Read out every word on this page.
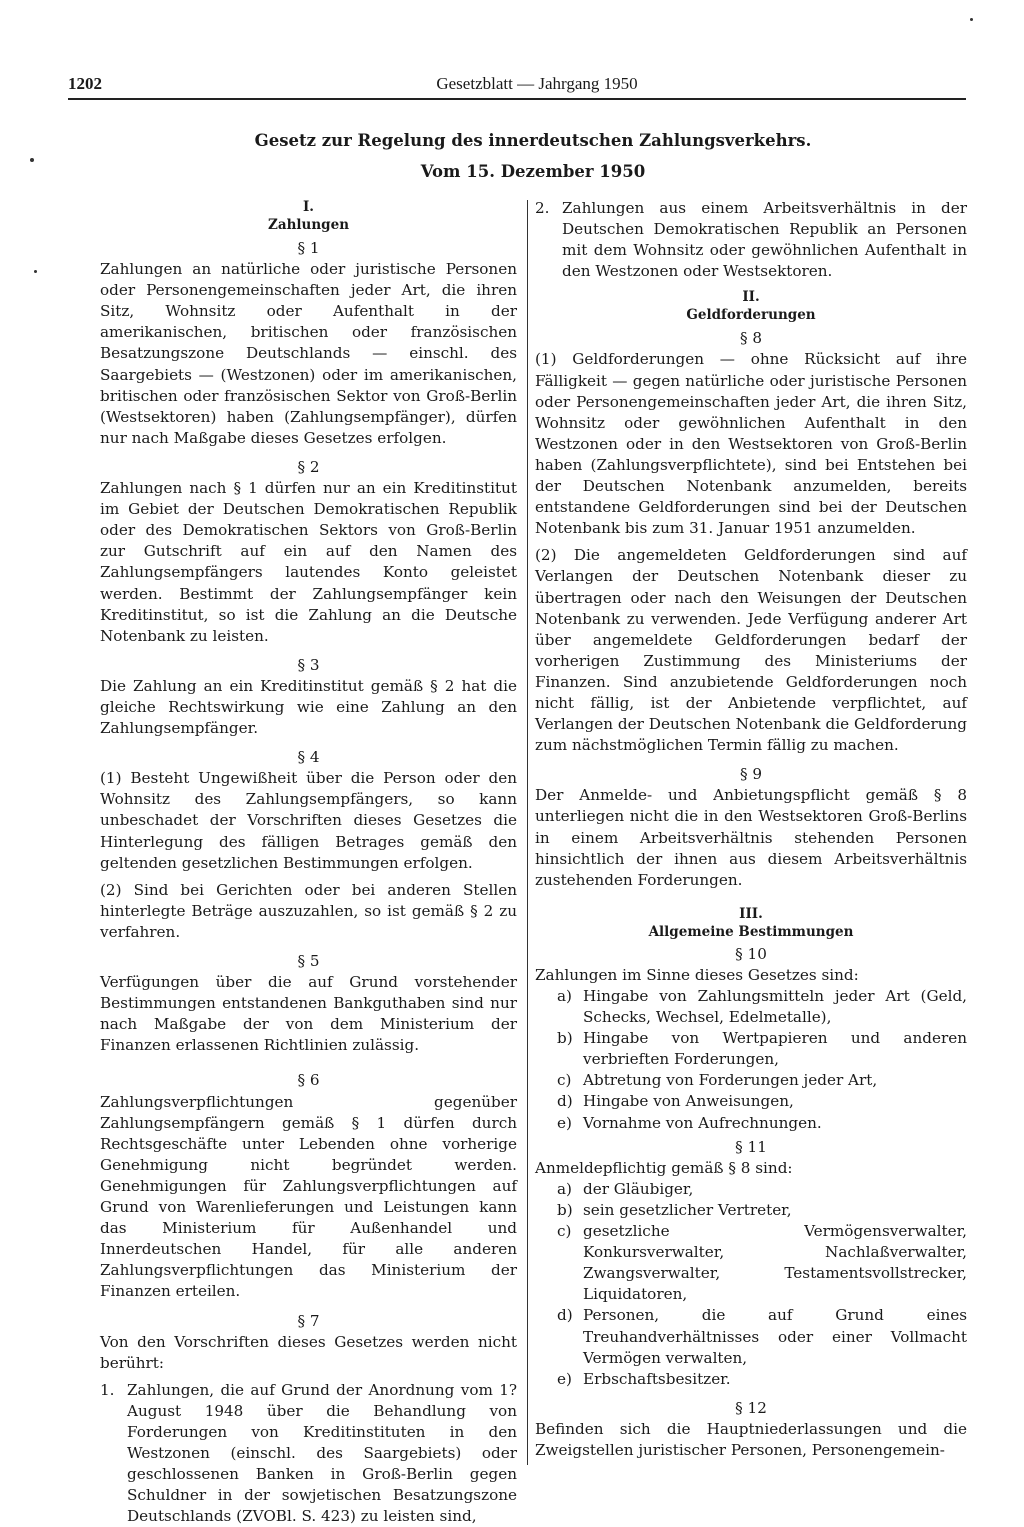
1202	Gesetzblatt — Jahrgang 1950
Gesetz zur Regelung des innerdeutschen Zahlungsverkehrs.
Vom 15. Dezember 1950
I.
Zahlungen
§ 1

Zahlungen an natürliche oder juristische Personen oder Personengemeinschaften jeder Art, die ihren Sitz, Wohnsitz oder Aufenthalt in der amerikanischen, britischen oder französischen Besatzungszone Deutschlands — einschl. des Saargebiets — (Westzonen) oder im amerikanischen, britischen oder französischen Sektor von Groß-Berlin (Westsektoren) haben (Zahlungsempfänger), dürfen nur nach Maßgabe dieses Gesetzes erfolgen.

§ 2

Zahlungen nach § 1 dürfen nur an ein Kreditinstitut im Gebiet der Deutschen Demokratischen Republik oder des Demokratischen Sektors von Groß-Berlin zur Gutschrift auf ein auf den Namen des Zahlungsempfängers lautendes Konto geleistet werden. Bestimmt der Zahlungsempfänger kein Kreditinstitut, so ist die Zahlung an die Deutsche Notenbank zu leisten.

§ 3

Die Zahlung an ein Kreditinstitut gemäß § 2 hat die gleiche Rechtswirkung wie eine Zahlung an den Zahlungsempfänger.

§ 4

(1) Besteht Ungewißheit über die Person oder den Wohnsitz des Zahlungsempfängers, so kann unbeschadet der Vorschriften dieses Gesetzes die Hinterlegung des fälligen Betrages gemäß den geltenden gesetzlichen Bestimmungen erfolgen.

(2) Sind bei Gerichten oder bei anderen Stellen hinterlegte Beträge auszuzahlen, so ist gemäß § 2 zu verfahren.

§ 5

Verfügungen über die auf Grund vorstehender Bestimmungen entstandenen Bankguthaben sind nur nach Maßgabe der von dem Ministerium der Finanzen erlassenen Richtlinien zulässig.

§ 6

Zahlungsverpflichtungen gegenüber Zahlungsempfängern gemäß § 1 dürfen durch Rechtsgeschäfte unter Lebenden ohne vorherige Genehmigung nicht begründet werden. Genehmigungen für Zahlungsverpflichtungen auf Grund von Warenlieferungen und Leistungen kann das Ministerium für Außenhandel und Innerdeutschen Handel, für alle anderen Zahlungsverpflichtungen das Ministerium der Finanzen erteilen.

§ 7

Von den Vorschriften dieses Gesetzes werden nicht berührt:

1. Zahlungen, die auf Grund der Anordnung vom 1? August 1948 über die Behandlung von Forderungen von Kreditinstituten in den Westzonen (einschl. des Saargebiets) oder geschlossenen Banken in Groß-Berlin gegen Schuldner in der sowjetischen Besatzungszone Deutschlands (ZVOBl. S. 423) zu leisten sind,
2. Zahlungen aus einem Arbeitsverhältnis in der Deutschen Demokratischen Republik an Personen mit dem Wohnsitz oder gewöhnlichen Aufenthalt in den Westzonen oder Westsektoren.
II.
Geldforderungen
§ 8

(1) Geldforderungen — ohne Rücksicht auf ihre Fälligkeit — gegen natürliche oder juristische Personen oder Personengemeinschaften jeder Art, die ihren Sitz, Wohnsitz oder gewöhnlichen Aufenthalt in den Westzonen oder in den Westsektoren von Groß-Berlin haben (Zahlungsverpflichtete), sind bei Entstehen bei der Deutschen Notenbank anzumelden, bereits entstandene Geldforderungen sind bei der Deutschen Notenbank bis zum 31. Januar 1951 anzumelden.

(2) Die angemeldeten Geldforderungen sind auf Verlangen der Deutschen Notenbank dieser zu übertragen oder nach den Weisungen der Deutschen Notenbank zu verwenden. Jede Verfügung anderer Art über angemeldete Geldforderungen bedarf der vorherigen Zustimmung des Ministeriums der Finanzen. Sind anzubietende Geldforderungen noch nicht fällig, ist der Anbietende verpflichtet, auf Verlangen der Deutschen Notenbank die Geldforderung zum nächstmöglichen Termin fällig zu machen.

§ 9

Der Anmelde- und Anbietungspflicht gemäß § 8 unterliegen nicht die in den Westsektoren Groß-Berlins in einem Arbeitsverhältnis stehenden Personen hinsichtlich der ihnen aus diesem Arbeitsverhältnis zustehenden Forderungen.

III.
Allgemeine Bestimmungen
§ 10

Zahlungen im Sinne dieses Gesetzes sind:

a) Hingabe von Zahlungsmitteln jeder Art (Geld, Schecks, Wechsel, Edelmetalle),
b) Hingabe von Wertpapieren und anderen verbrieften Forderungen,
c) Abtretung von Forderungen jeder Art,
d) Hingabe von Anweisungen,
e) Vornahme von Aufrechnungen.
§ 11

Anmeldepflichtig gemäß § 8 sind:

a) der Gläubiger,
b) sein gesetzlicher Vertreter,
c) gesetzliche Vermögensverwalter, Konkursverwalter, Nachlaßverwalter, Zwangsverwalter, Testamentsvollstrecker, Liquidatoren,
d) Personen, die auf Grund eines Treuhandverhältnisses oder einer Vollmacht Vermögen verwalten,
e) Erbschaftsbesitzer.
§ 12

Befinden sich die Hauptniederlassungen und die Zweigstellen juristischer Personen, Personengemein-
